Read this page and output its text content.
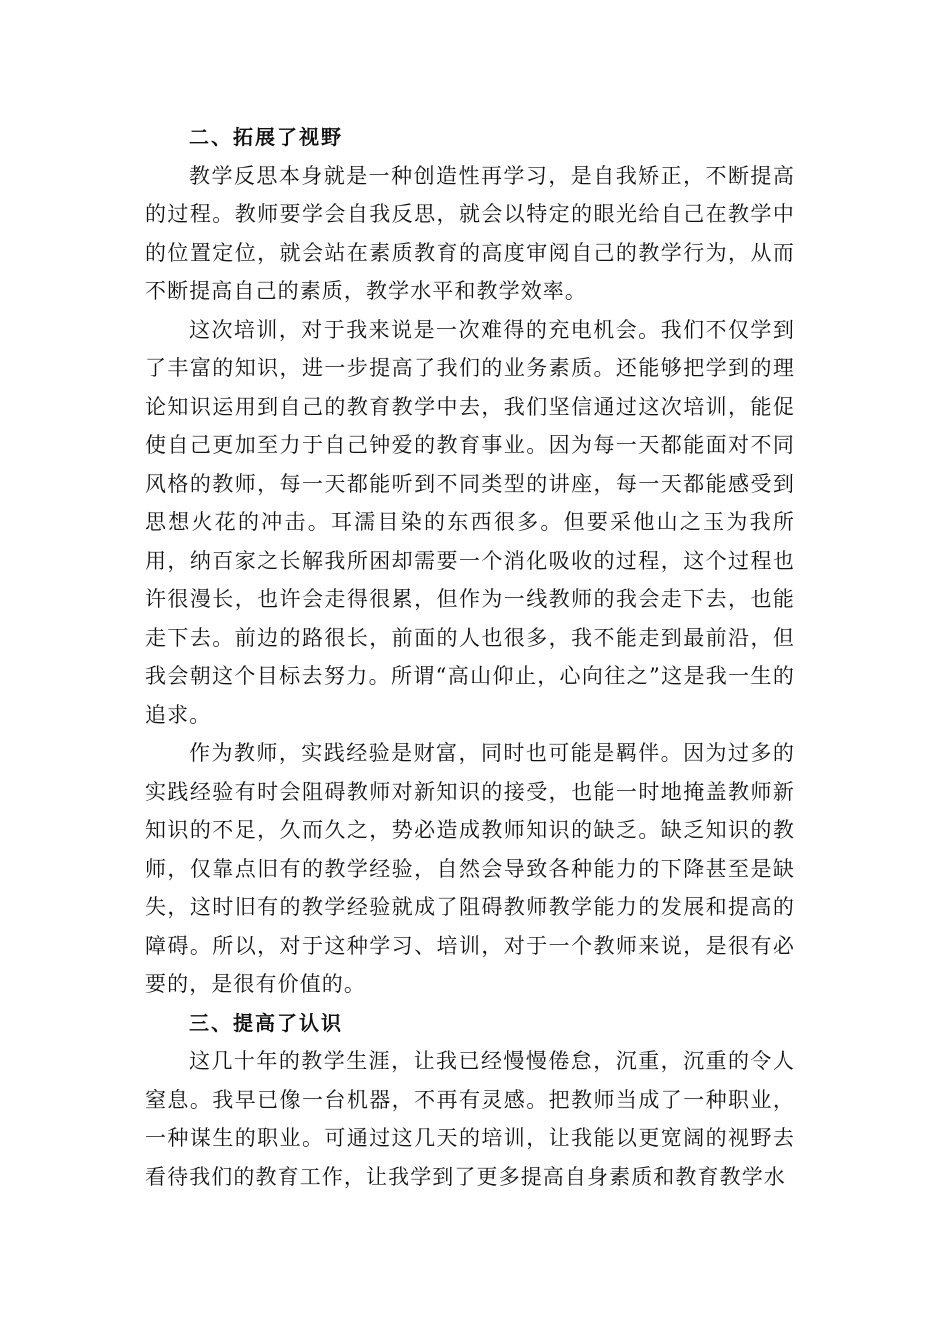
二、拓展了视野

教学反思本身就是一种创造性再学习，是自我矫正，不断提高的过程。教师要学会自我反思，就会以特定的眼光给自己在教学中的位置定位，就会站在素质教育的高度审阅自己的教学行为，从而不断提高自己的素质，教学水平和教学效率。

这次培训，对于我来说是一次难得的充电机会。我们不仅学到了丰富的知识，进一步提高了我们的业务素质。还能够把学到的理论知识运用到自己的教育教学中去，我们坚信通过这次培训，能促使自己更加至力于自己钟爱的教育事业。因为每一天都能面对不同风格的教师，每一天都能听到不同类型的讲座，每一天都能感受到思想火花的冲击。耳濡目染的东西很多。但要采他山之玉为我所用，纳百家之长解我所困却需要一个消化吸收的过程，这个过程也许很漫长，也许会走得很累，但作为一线教师的我会走下去，也能走下去。前边的路很长，前面的人也很多，我不能走到最前沿，但我会朝这个目标去努力。所谓“高山仰止，心向往之”这是我一生的追求。

作为教师，实践经验是财富，同时也可能是羁伴。因为过多的实践经验有时会阻碍教师对新知识的接受，也能一时地掩盖教师新知识的不足，久而久之，势必造成教师知识的缺乏。缺乏知识的教师，仅靠点旧有的教学经验，自然会导致各种能力的下降甚至是缺失，这时旧有的教学经验就成了阻碍教师教学能力的发展和提高的障碍。所以，对于这种学习、培训，对于一个教师来说，是很有必要的，是很有价值的。

三、提高了认识

这几十年的教学生涯，让我已经慢慢倦怠，沉重，沉重的令人窒息。我早已像一台机器，不再有灵感。把教师当成了一种职业，一种谋生的职业。可通过这几天的培训，让我能以更宽阔的视野去看待我们的教育工作，让我学到了更多提高自身素质和教育教学水
